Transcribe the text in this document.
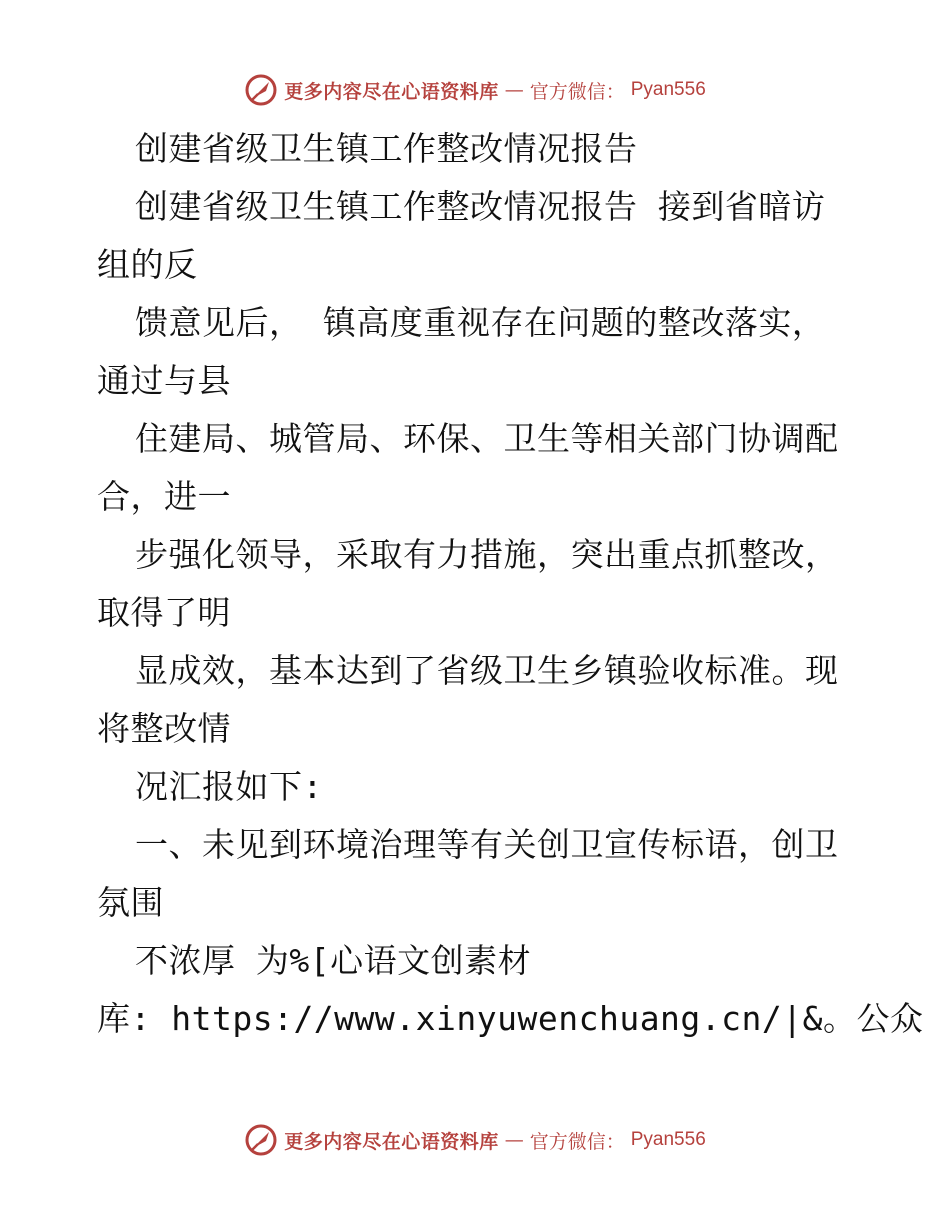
更多内容尽在心语资料库 — 官方微信： Pyan556
创建省级卫生镇工作整改情况报告
创建省级卫生镇工作整改情况报告 接到省暗访
组的反
馈意见后， 镇高度重视存在问题的整改落实，
通过与县
住建局、城管局、环保、卫生等相关部门协调配
合，进一
步强化领导，采取有力措施，突出重点抓整改，
取得了明
显成效，基本达到了省级卫生乡镇验收标准。现
将整改情
况汇报如下:
一、未见到环境治理等有关创卫宣传标语，创卫
氛围
不浓厚 为%[心语文创素材
库: https://www.xinyuwenchuang.cn/|&。公众
更多内容尽在心语资料库 — 官方微信： Pyan556
